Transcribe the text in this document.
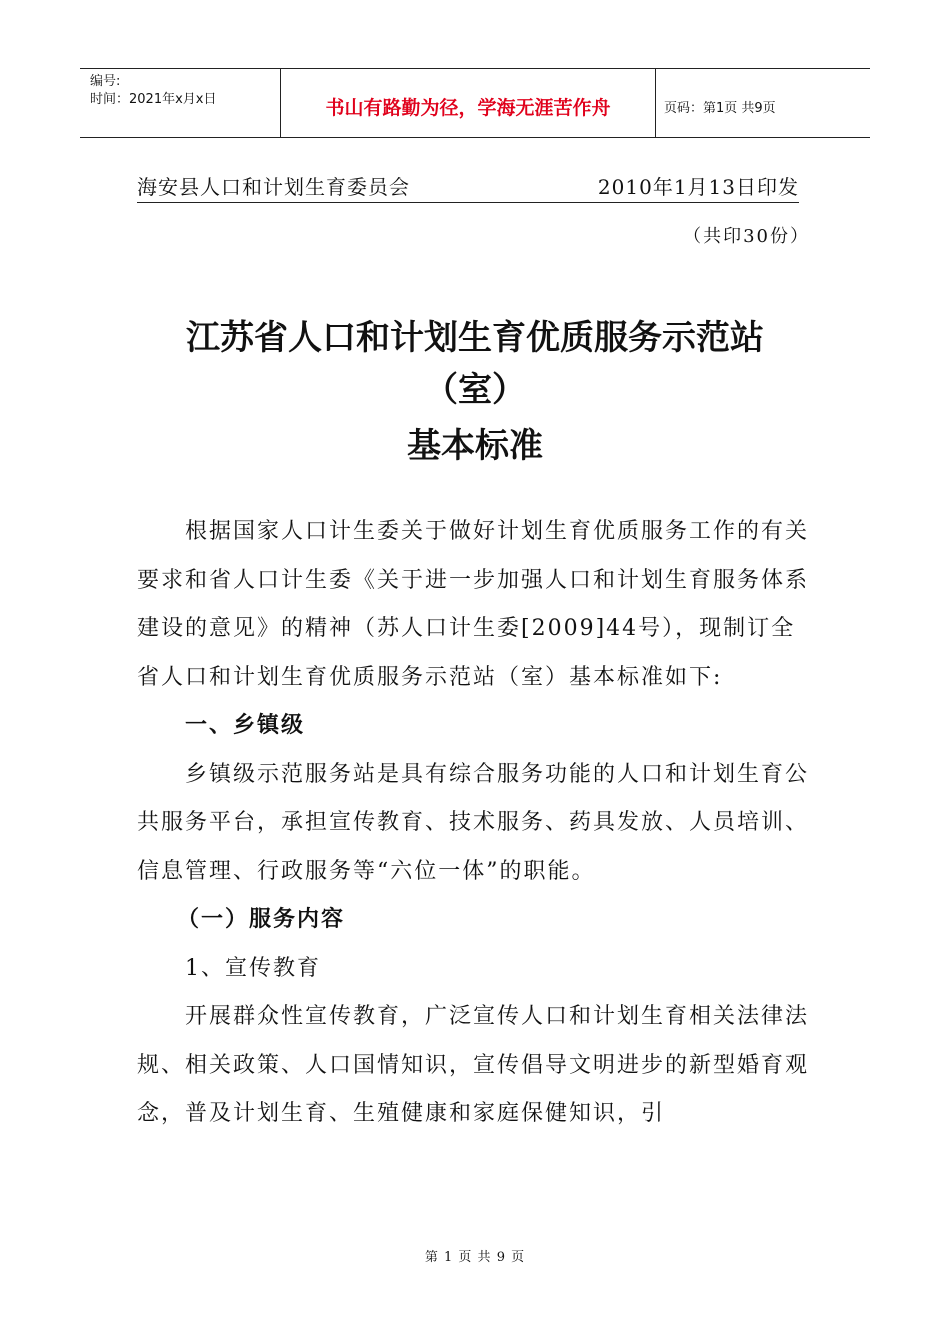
编号:
时间：2021年x月x日	书山有路勤为径，学海无涯苦作舟	页码：第1页 共9页
海安县人口和计划生育委员会	2010年1月13日印发
（共印30份）
江苏省人口和计划生育优质服务示范站
（室）
基本标准

根据国家人口计生委关于做好计划生育优质服务工作的有关要求和省人口计生委《关于进一步加强人口和计划生育服务体系建设的意见》的精神（苏人口计生委[2009]44号），现制订全省人口和计划生育优质服务示范站（室）基本标准如下:

一、乡镇级

乡镇级示范服务站是具有综合服务功能的人口和计划生育公共服务平台，承担宣传教育、技术服务、药具发放、人员培训、信息管理、行政服务等“六位一体”的职能。

（一）服务内容

1、宣传教育

开展群众性宣传教育，广泛宣传人口和计划生育相关法律法规、相关政策、人口国情知识，宣传倡导文明进步的新型婚育观念，普及计划生育、生殖健康和家庭保健知识，引

第 1 页 共 9 页
